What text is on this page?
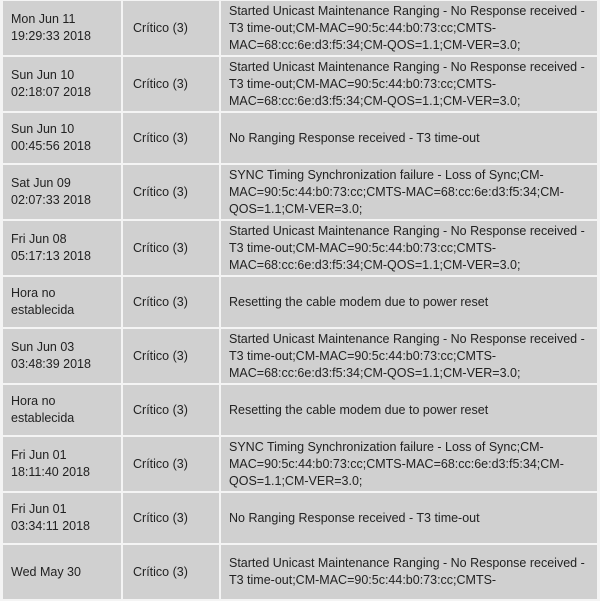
Mon Jun 11
19:29:33 2018	Crítico (3)	Started Unicast Maintenance Ranging - No Response received -
T3 time-out;CM-MAC=90:5c:44:b0:73:cc;CMTS-
MAC=68:cc:6e:d3:f5:34;CM-QOS=1.1;CM-VER=3.0;

Sun Jun 10
02:18:07 2018	Crítico (3)	Started Unicast Maintenance Ranging - No Response received -
T3 time-out;CM-MAC=90:5c:44:b0:73:cc;CMTS-
MAC=68:cc:6e:d3:f5:34;CM-QOS=1.1;CM-VER=3.0;

Sun Jun 10
00:45:56 2018	Crítico (3)	No Ranging Response received - T3 time-out

Sat Jun 09
02:07:33 2018	Crítico (3)	SYNC Timing Synchronization failure - Loss of Sync;CM-
MAC=90:5c:44:b0:73:cc;CMTS-MAC=68:cc:6e:d3:f5:34;CM-
QOS=1.1;CM-VER=3.0;

Fri Jun 08
05:17:13 2018	Crítico (3)	Started Unicast Maintenance Ranging - No Response received -
T3 time-out;CM-MAC=90:5c:44:b0:73:cc;CMTS-
MAC=68:cc:6e:d3:f5:34;CM-QOS=1.1;CM-VER=3.0;

Hora no
establecida	Crítico (3)	Resetting the cable modem due to power reset

Sun Jun 03
03:48:39 2018	Crítico (3)	Started Unicast Maintenance Ranging - No Response received -
T3 time-out;CM-MAC=90:5c:44:b0:73:cc;CMTS-
MAC=68:cc:6e:d3:f5:34;CM-QOS=1.1;CM-VER=3.0;

Hora no
establecida	Crítico (3)	Resetting the cable modem due to power reset

Fri Jun 01
18:11:40 2018	Crítico (3)	SYNC Timing Synchronization failure - Loss of Sync;CM-
MAC=90:5c:44:b0:73:cc;CMTS-MAC=68:cc:6e:d3:f5:34;CM-
QOS=1.1;CM-VER=3.0;

Fri Jun 01
03:34:11 2018	Crítico (3)	No Ranging Response received - T3 time-out

Wed May 30	Crítico (3)	Started Unicast Maintenance Ranging - No Response received -
T3 time-out;CM-MAC=90:5c:44:b0:73:cc;CMTS-
